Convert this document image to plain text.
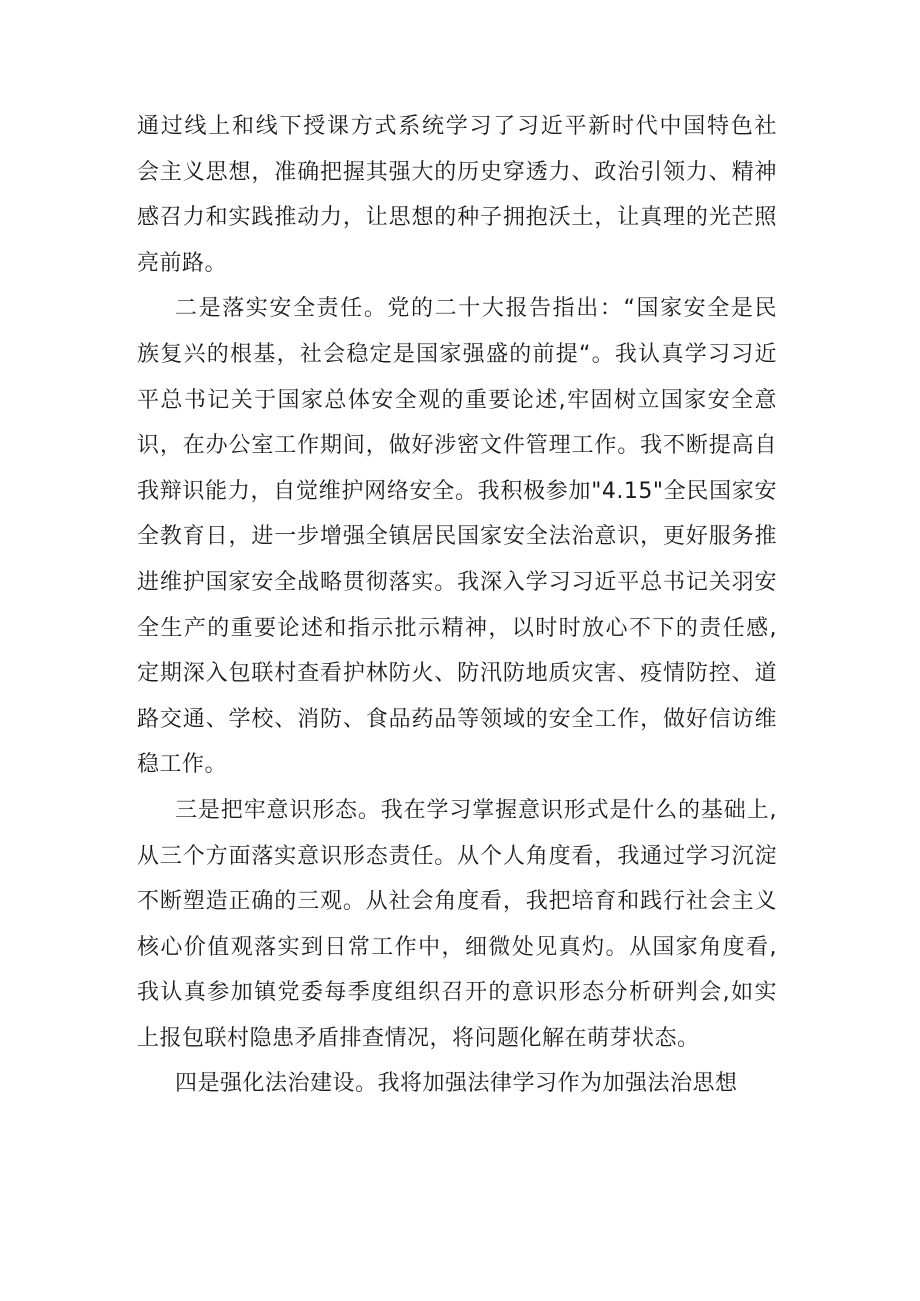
通过线上和线下授课方式系统学习了习近平新时代中国特色社
会主义思想，准确把握其强大的历史穿透力、政治引领力、精神
感召力和实践推动力，让思想的种子拥抱沃土，让真理的光芒照
亮前路。
二是落实安全责任。党的二十大报告指出：“国家安全是民
族复兴的根基，社会稳定是国家强盛的前提“。我认真学习习近
平总书记关于国家总体安全观的重要论述,牢固树立国家安全意
识，在办公室工作期间，做好涉密文件管理工作。我不断提高自
我辩识能力，自觉维护网络安全。我积极参加"4.15"全民国家安
全教育日，进一步增强全镇居民国家安全法治意识，更好服务推
进维护国家安全战略贯彻落实。我深入学习习近平总书记关羽安
全生产的重要论述和指示批示精神，以时时放心不下的责任感,
定期深入包联村查看护林防火、防汛防地质灾害、疫情防控、道
路交通、学校、消防、食品药品等领域的安全工作，做好信访维
稳工作。
三是把牢意识形态。我在学习掌握意识形式是什么的基础上,
从三个方面落实意识形态责任。从个人角度看，我通过学习沉淀
不断塑造正确的三观。从社会角度看，我把培育和践行社会主义
核心价值观落实到日常工作中，细微处见真灼。从国家角度看,
我认真参加镇党委每季度组织召开的意识形态分析研判会,如实
上报包联村隐患矛盾排查情况，将问题化解在萌芽状态。
四是强化法治建设。我将加强法律学习作为加强法治思想
